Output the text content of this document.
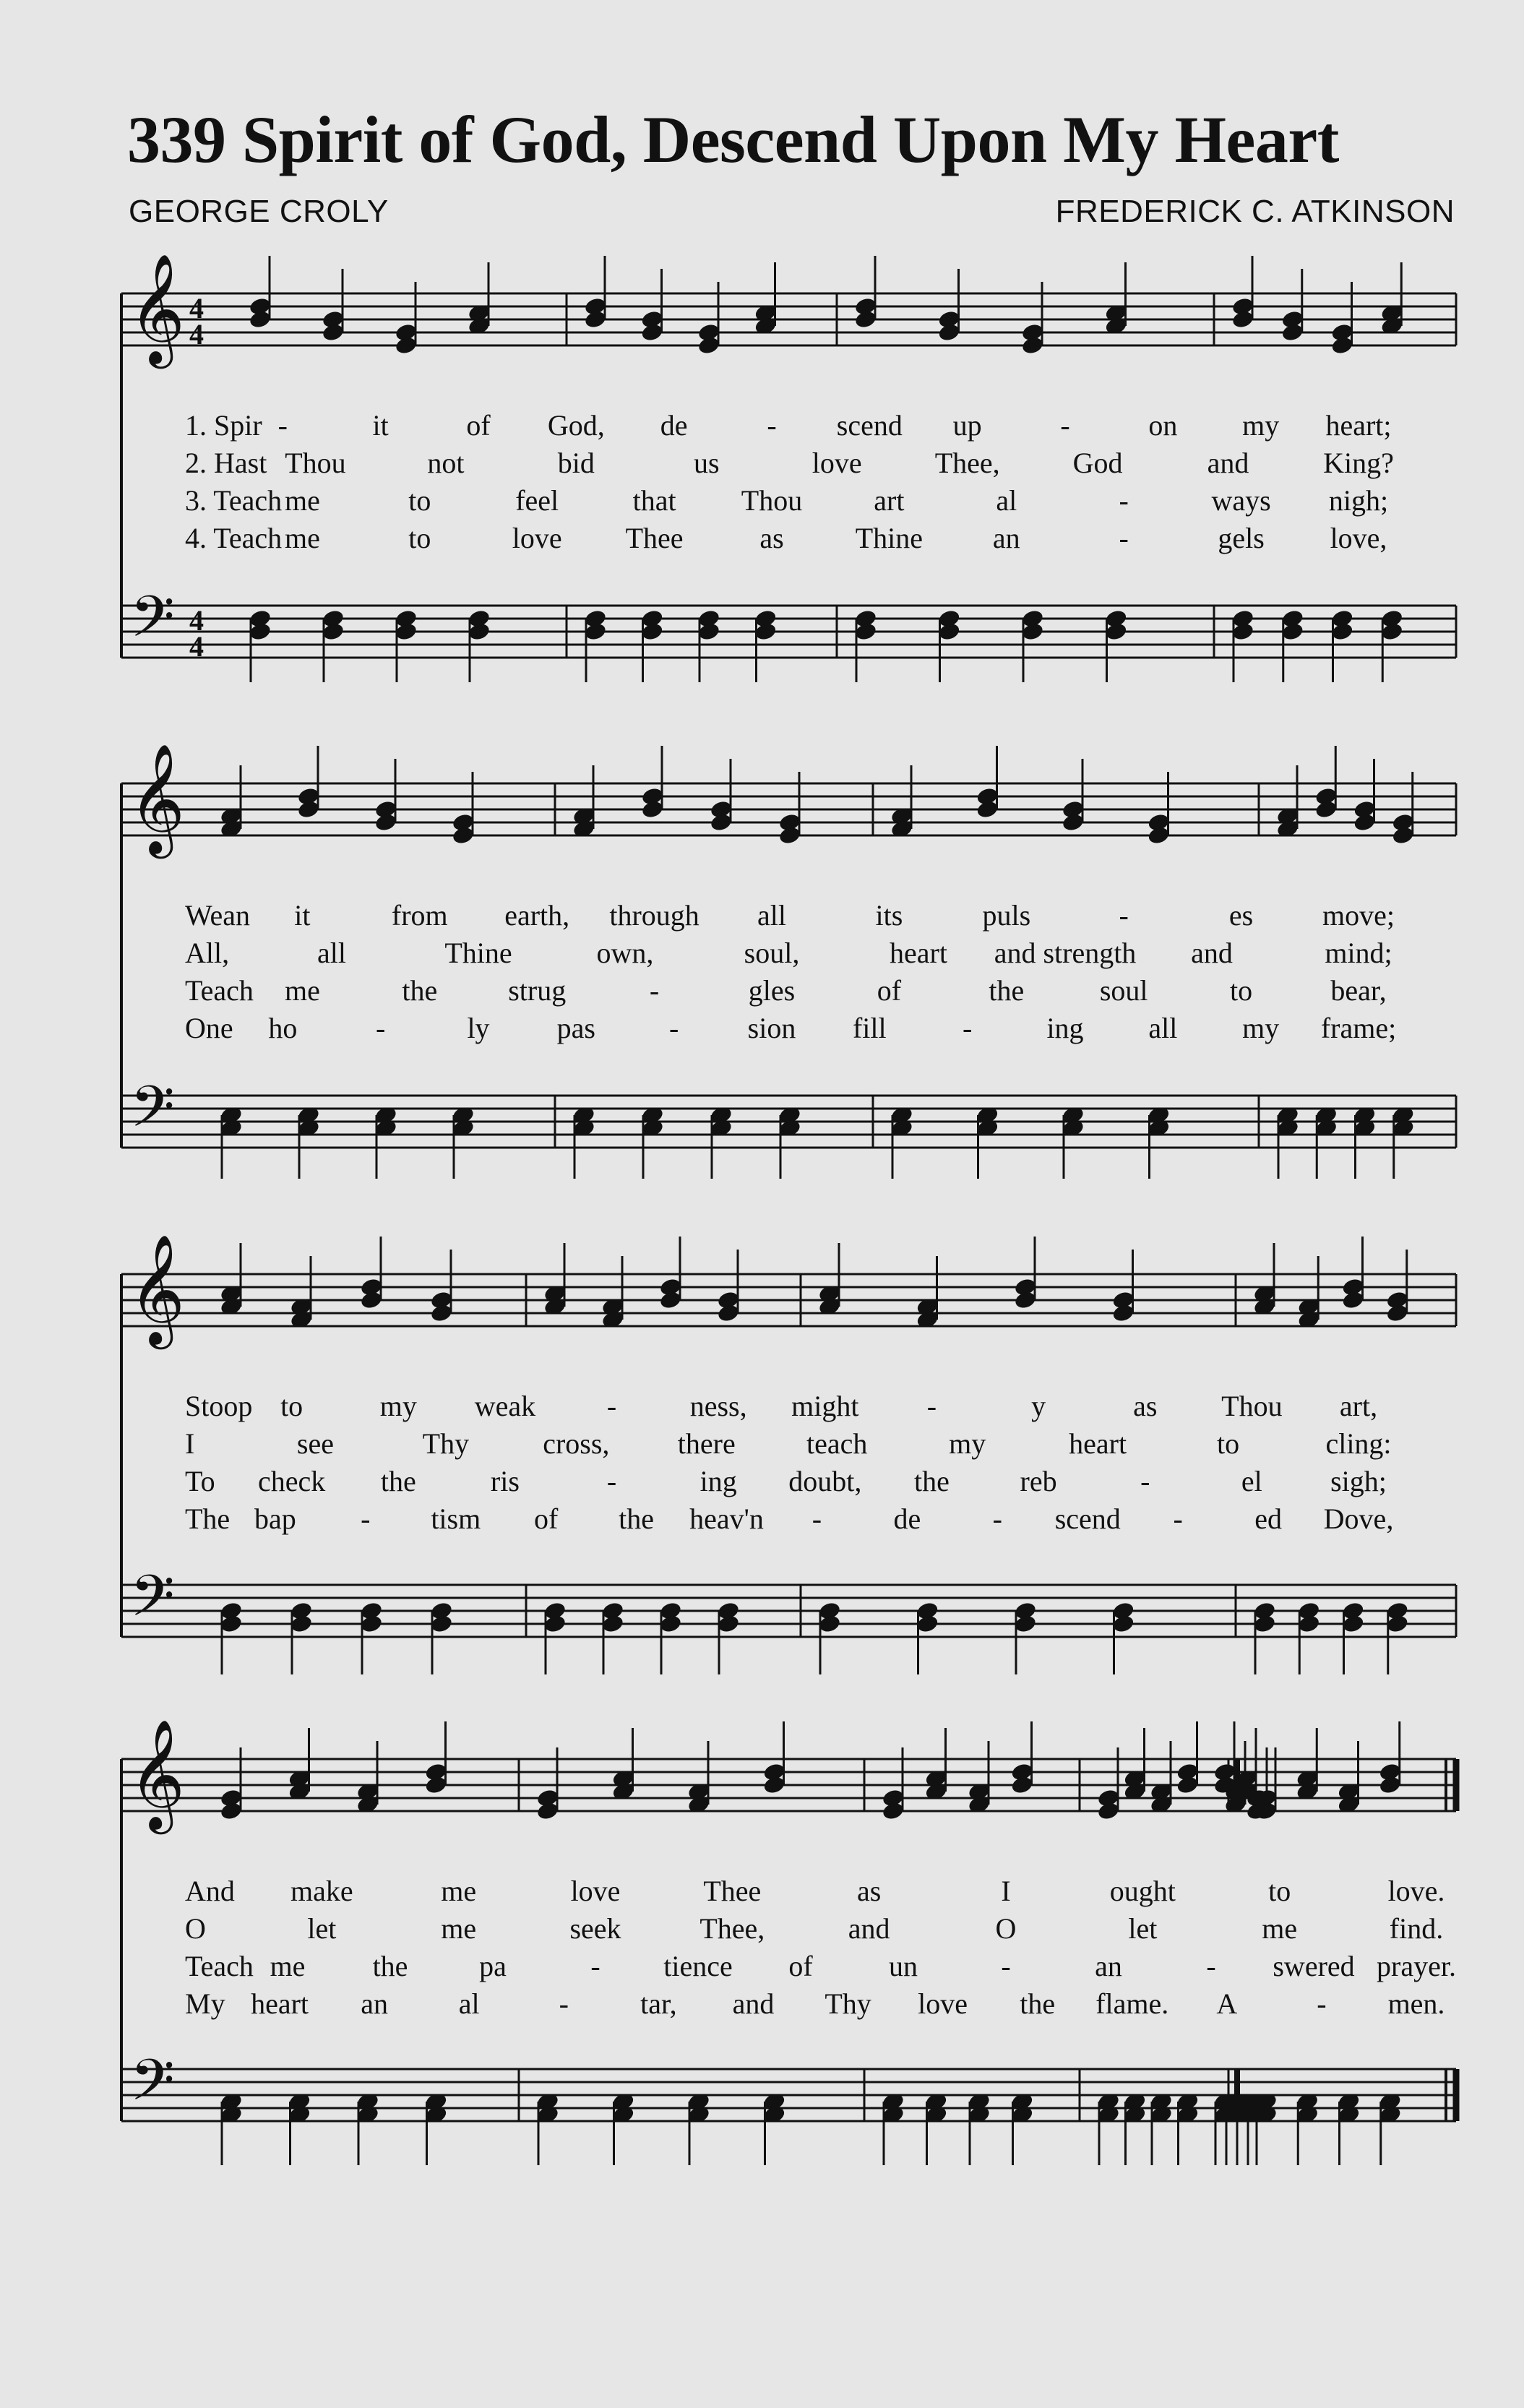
339 Spirit of God, Descend Upon My Heart
GEORGE CROLY	FREDERICK C. ATKINSON
𝄞
𝄢
4
4
4
4
1. Spir -	it	of God, de	- scend up	-	on my heart;
2. Hast Thou	not	bid	us	love	Thee,	God	and	King?
3. Teach me	to	feel	that Thou art	al	-	ways nigh;
4. Teach me	to	love Thee	as Thine an	-	gels love,
𝄞
𝄢
Wean it	from earth, through all	its	puls	-	es move;
All,	all	Thine	own,	soul,	heart and strength and	mind;
Teach me	the strug	-	gles	of	the	soul	to	bear,
One ho	-	ly pas	- sion fill	-	ing all my frame;
𝄞
𝄢
Stoop to	my weak -	ness, might -	y	as Thou art,
I	see	Thy	cross, there teach	my	heart	to	cling:
To check the	ris	-	ing doubt, the reb	-	el sigh;
The bap - tism of the heav'n - de - scend - ed Dove,
𝄞
𝄢
And make	me	love	Thee	as	I	ought	to	love.
O	let	me	seek	Thee,	and	O	let	me	find.
Teach me the pa	- tience of	un	-	an	- swered prayer.
My heart an al	- tar, and Thy love the flame. A	- men.
